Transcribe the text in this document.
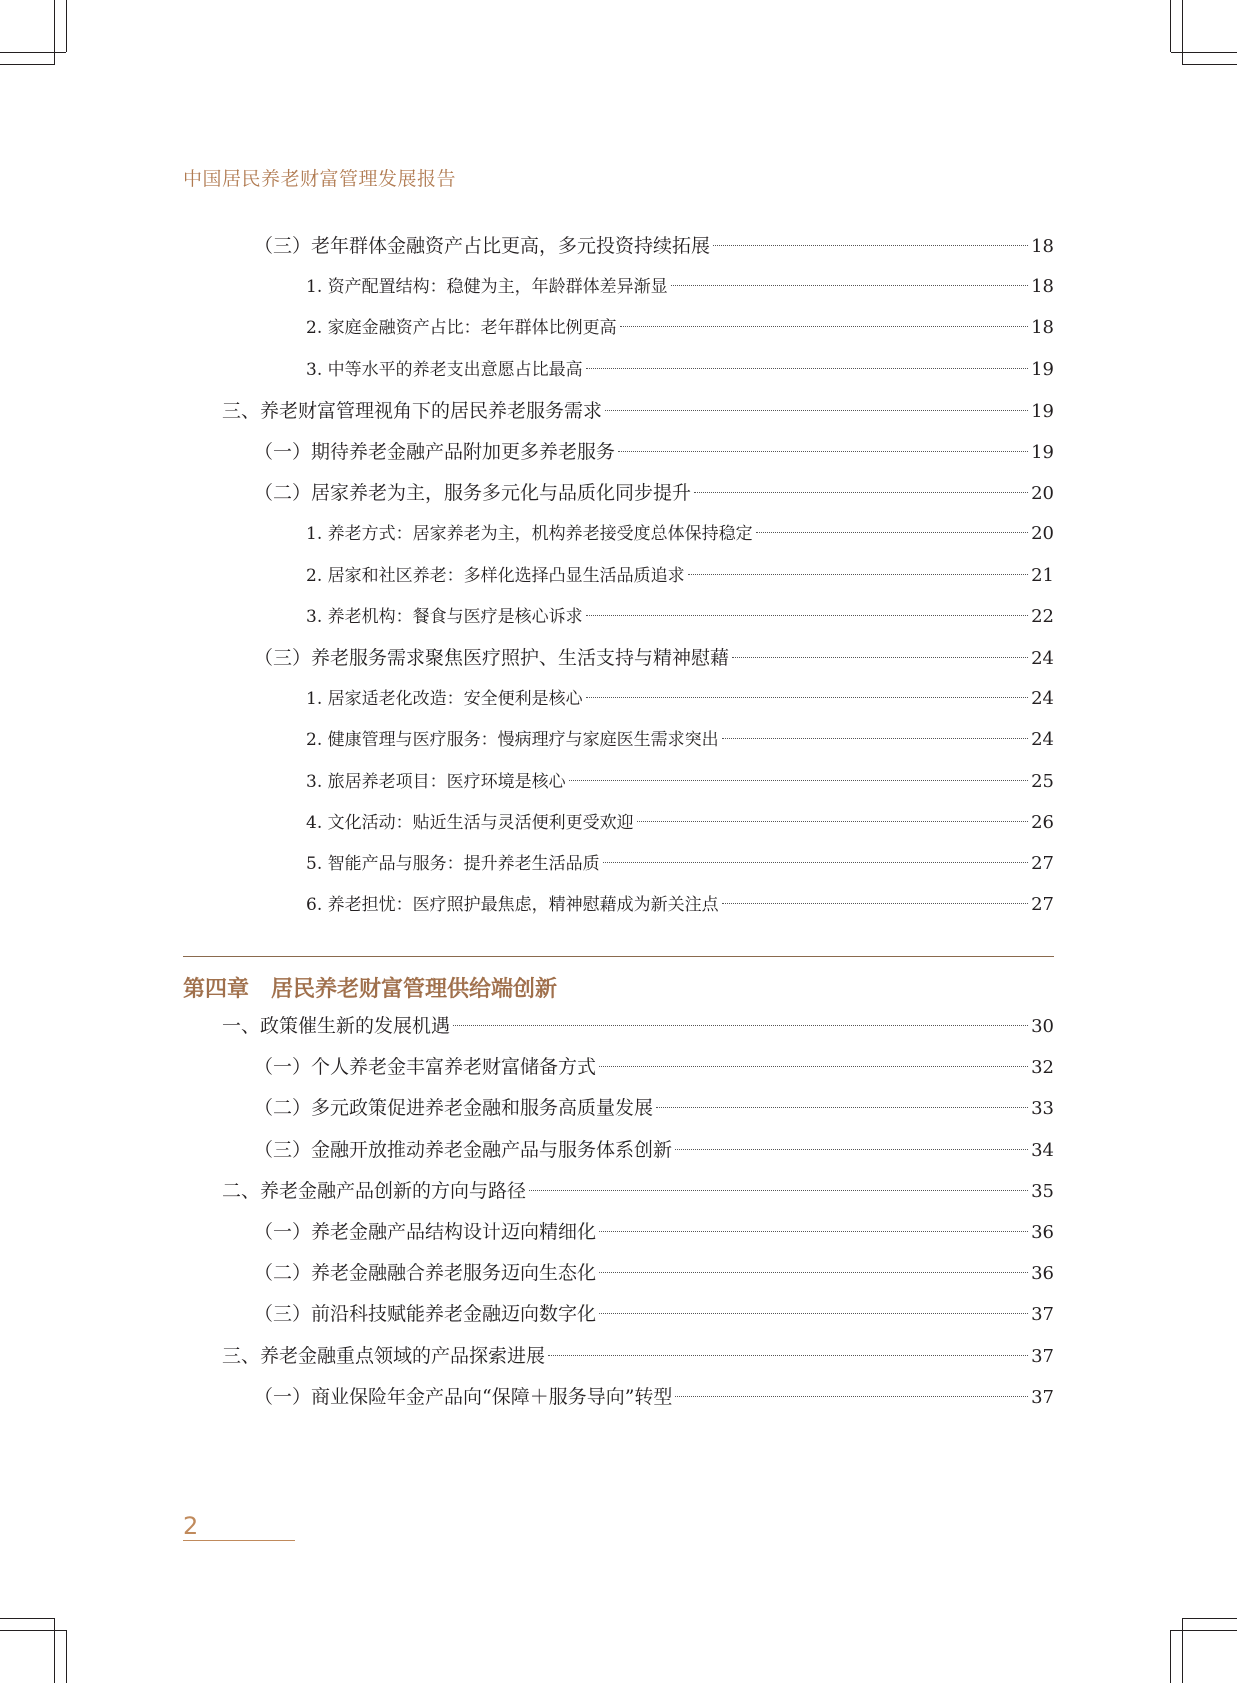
中国居民养老财富管理发展报告
（三）老年群体金融资产占比更高，多元投资持续拓展	18
1. 资产配置结构：稳健为主，年龄群体差异渐显	18
2. 家庭金融资产占比：老年群体比例更高	18
3. 中等水平的养老支出意愿占比最高	19
三、养老财富管理视角下的居民养老服务需求	19
（一）期待养老金融产品附加更多养老服务	19
（二）居家养老为主，服务多元化与品质化同步提升	20
1. 养老方式：居家养老为主，机构养老接受度总体保持稳定	20
2. 居家和社区养老：多样化选择凸显生活品质追求	21
3. 养老机构：餐食与医疗是核心诉求	22
（三）养老服务需求聚焦医疗照护、生活支持与精神慰藉	24
1. 居家适老化改造：安全便利是核心	24
2. 健康管理与医疗服务：慢病理疗与家庭医生需求突出	24
3. 旅居养老项目：医疗环境是核心	25
4. 文化活动：贴近生活与灵活便利更受欢迎	26
5. 智能产品与服务：提升养老生活品质	27
6. 养老担忧：医疗照护最焦虑，精神慰藉成为新关注点	27
一、政策催生新的发展机遇	30
（一）个人养老金丰富养老财富储备方式	32
（二）多元政策促进养老金融和服务高质量发展	33
（三）金融开放推动养老金融产品与服务体系创新	34
二、养老金融产品创新的方向与路径	35
（一）养老金融产品结构设计迈向精细化	36
（二）养老金融融合养老服务迈向生态化	36
（三）前沿科技赋能养老金融迈向数字化	37
三、养老金融重点领域的产品探索进展	37
（一）商业保险年金产品向“保障＋服务导向”转型	37
第四章 居民养老财富管理供给端创新
2
